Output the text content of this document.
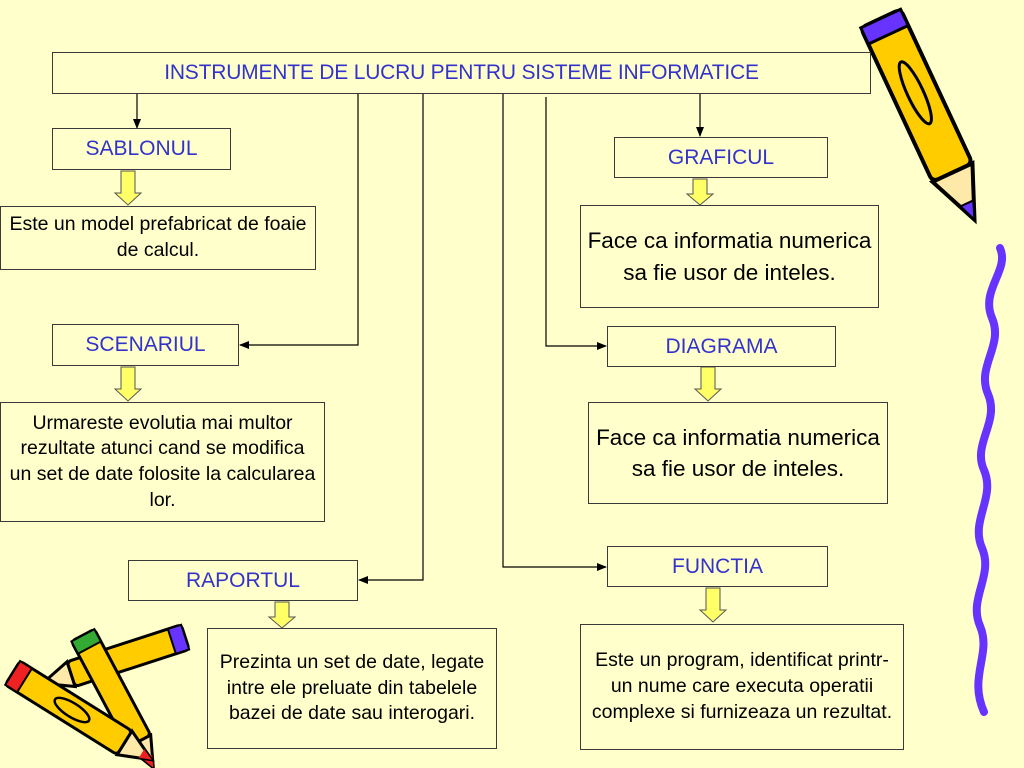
INSTRUMENTE DE LUCRU PENTRU SISTEME INFORMATICE
SABLONUL
Este un model prefabricat de foaie de calcul.
SCENARIUL
Urmareste evolutia mai multor rezultate atunci cand se modifica un set de date folosite la calcularea lor.
RAPORTUL
Prezinta un set de date, legate intre ele preluate din tabelele bazei de date sau interogari.
GRAFICUL
Face ca informatia numerica sa fie usor de inteles.
DIAGRAMA
Face ca informatia numerica sa fie usor de inteles.
FUNCTIA
Este un program, identificat printr-un nume care executa operatii complexe si furnizeaza un rezultat.
